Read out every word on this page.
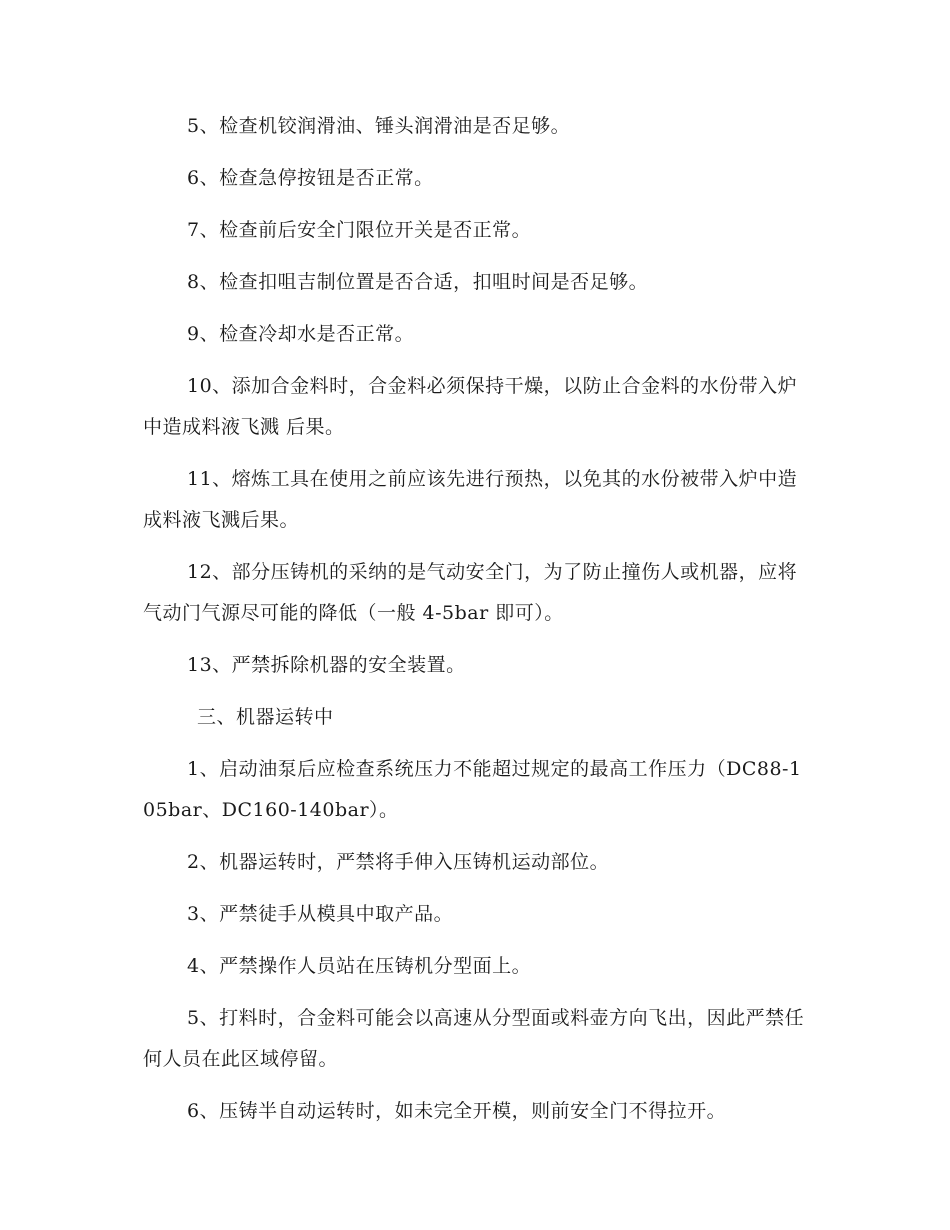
5、检查机铰润滑油、锤头润滑油是否足够。

6、检查急停按钮是否正常。

7、检查前后安全门限位开关是否正常。

8、检查扣咀吉制位置是否合适，扣咀时间是否足够。

9、检查冷却水是否正常。

10、添加合金料时，合金料必须保持干燥，以防止合金料的水份带入炉中造成料液飞溅 后果。

11、熔炼工具在使用之前应该先进行预热，以免其的水份被带入炉中造成料液飞溅后果。

12、部分压铸机的采纳的是气动安全门，为了防止撞伤人或机器，应将气动门气源尽可能的降低（一般 4-5bar 即可）。

13、严禁拆除机器的安全装置。

三、机器运转中

1、启动油泵后应检查系统压力不能超过规定的最高工作压力（DC88-105bar、DC160-140bar）。

2、机器运转时，严禁将手伸入压铸机运动部位。

3、严禁徒手从模具中取产品。

4、严禁操作人员站在压铸机分型面上。

5、打料时，合金料可能会以高速从分型面或料壶方向飞出，因此严禁任何人员在此区域停留。

6、压铸半自动运转时，如未完全开模，则前安全门不得拉开。
